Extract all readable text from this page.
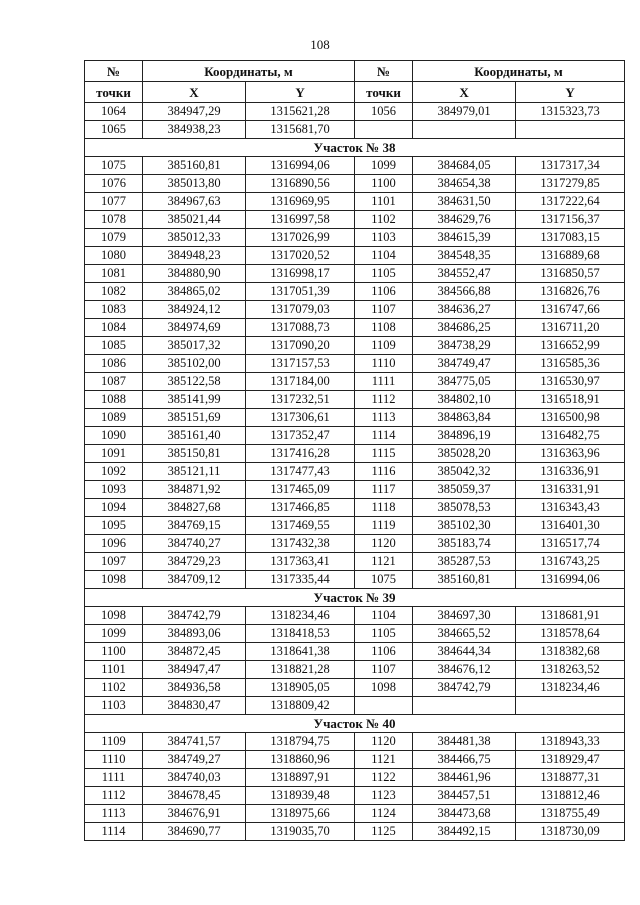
108
№	Координаты, м		№	Координаты, м	
точки	X	Y	точки	X	Y
1064	384947,29	1315621,28	1056	384979,01	1315323,73
1065	384938,23	1315681,70			
Участок № 38					
1075	385160,81	1316994,06	1099	384684,05	1317317,34
1076	385013,80	1316890,56	1100	384654,38	1317279,85
1077	384967,63	1316969,95	1101	384631,50	1317222,64
1078	385021,44	1316997,58	1102	384629,76	1317156,37
1079	385012,33	1317026,99	1103	384615,39	1317083,15
1080	384948,23	1317020,52	1104	384548,35	1316889,68
1081	384880,90	1316998,17	1105	384552,47	1316850,57
1082	384865,02	1317051,39	1106	384566,88	1316826,76
1083	384924,12	1317079,03	1107	384636,27	1316747,66
1084	384974,69	1317088,73	1108	384686,25	1316711,20
1085	385017,32	1317090,20	1109	384738,29	1316652,99
1086	385102,00	1317157,53	1110	384749,47	1316585,36
1087	385122,58	1317184,00	1111	384775,05	1316530,97
1088	385141,99	1317232,51	1112	384802,10	1316518,91
1089	385151,69	1317306,61	1113	384863,84	1316500,98
1090	385161,40	1317352,47	1114	384896,19	1316482,75
1091	385150,81	1317416,28	1115	385028,20	1316363,96
1092	385121,11	1317477,43	1116	385042,32	1316336,91
1093	384871,92	1317465,09	1117	385059,37	1316331,91
1094	384827,68	1317466,85	1118	385078,53	1316343,43
1095	384769,15	1317469,55	1119	385102,30	1316401,30
1096	384740,27	1317432,38	1120	385183,74	1316517,74
1097	384729,23	1317363,41	1121	385287,53	1316743,25
1098	384709,12	1317335,44	1075	385160,81	1316994,06
Участок № 39					
1098	384742,79	1318234,46	1104	384697,30	1318681,91
1099	384893,06	1318418,53	1105	384665,52	1318578,64
1100	384872,45	1318641,38	1106	384644,34	1318382,68
1101	384947,47	1318821,28	1107	384676,12	1318263,52
1102	384936,58	1318905,05	1098	384742,79	1318234,46
1103	384830,47	1318809,42			
Участок № 40					
1109	384741,57	1318794,75	1120	384481,38	1318943,33
1110	384749,27	1318860,96	1121	384466,75	1318929,47
1111	384740,03	1318897,91	1122	384461,96	1318877,31
1112	384678,45	1318939,48	1123	384457,51	1318812,46
1113	384676,91	1318975,66	1124	384473,68	1318755,49
1114	384690,77	1319035,70	1125	384492,15	1318730,09
